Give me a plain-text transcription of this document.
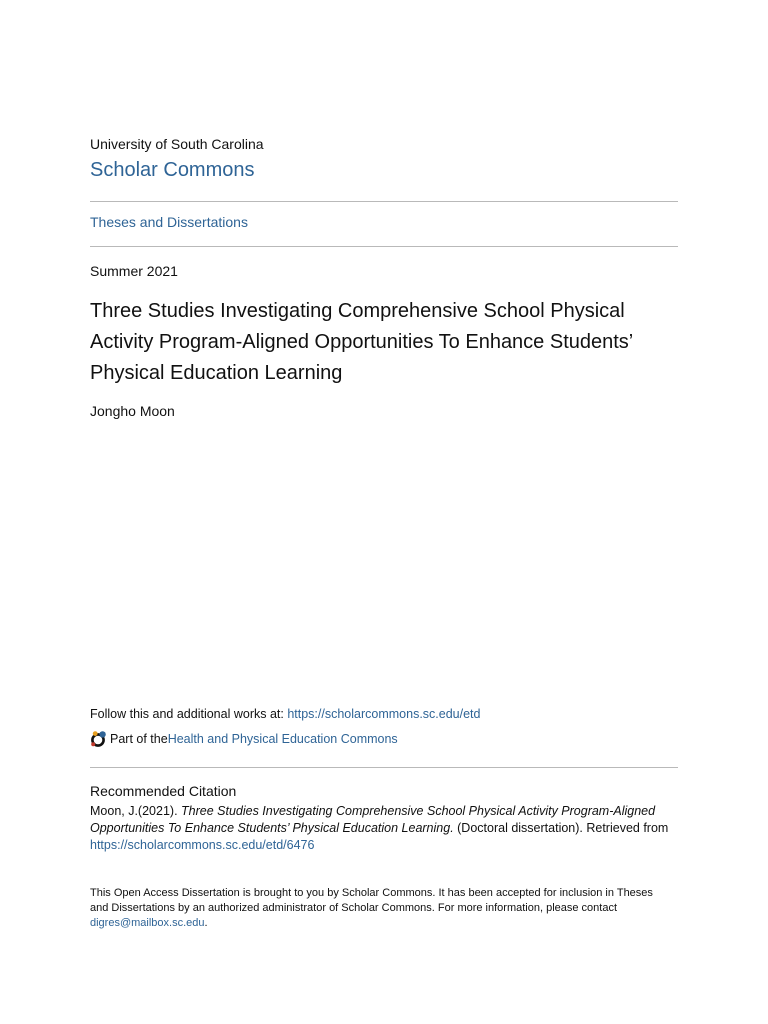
University of South Carolina
Scholar Commons
Theses and Dissertations
Summer 2021
Three Studies Investigating Comprehensive School Physical Activity Program-Aligned Opportunities To Enhance Students’ Physical Education Learning
Jongho Moon
Follow this and additional works at: https://scholarcommons.sc.edu/etd
Part of the Health and Physical Education Commons
Recommended Citation
Moon, J.(2021). Three Studies Investigating Comprehensive School Physical Activity Program-Aligned Opportunities To Enhance Students’ Physical Education Learning. (Doctoral dissertation). Retrieved from https://scholarcommons.sc.edu/etd/6476
This Open Access Dissertation is brought to you by Scholar Commons. It has been accepted for inclusion in Theses and Dissertations by an authorized administrator of Scholar Commons. For more information, please contact digres@mailbox.sc.edu.
